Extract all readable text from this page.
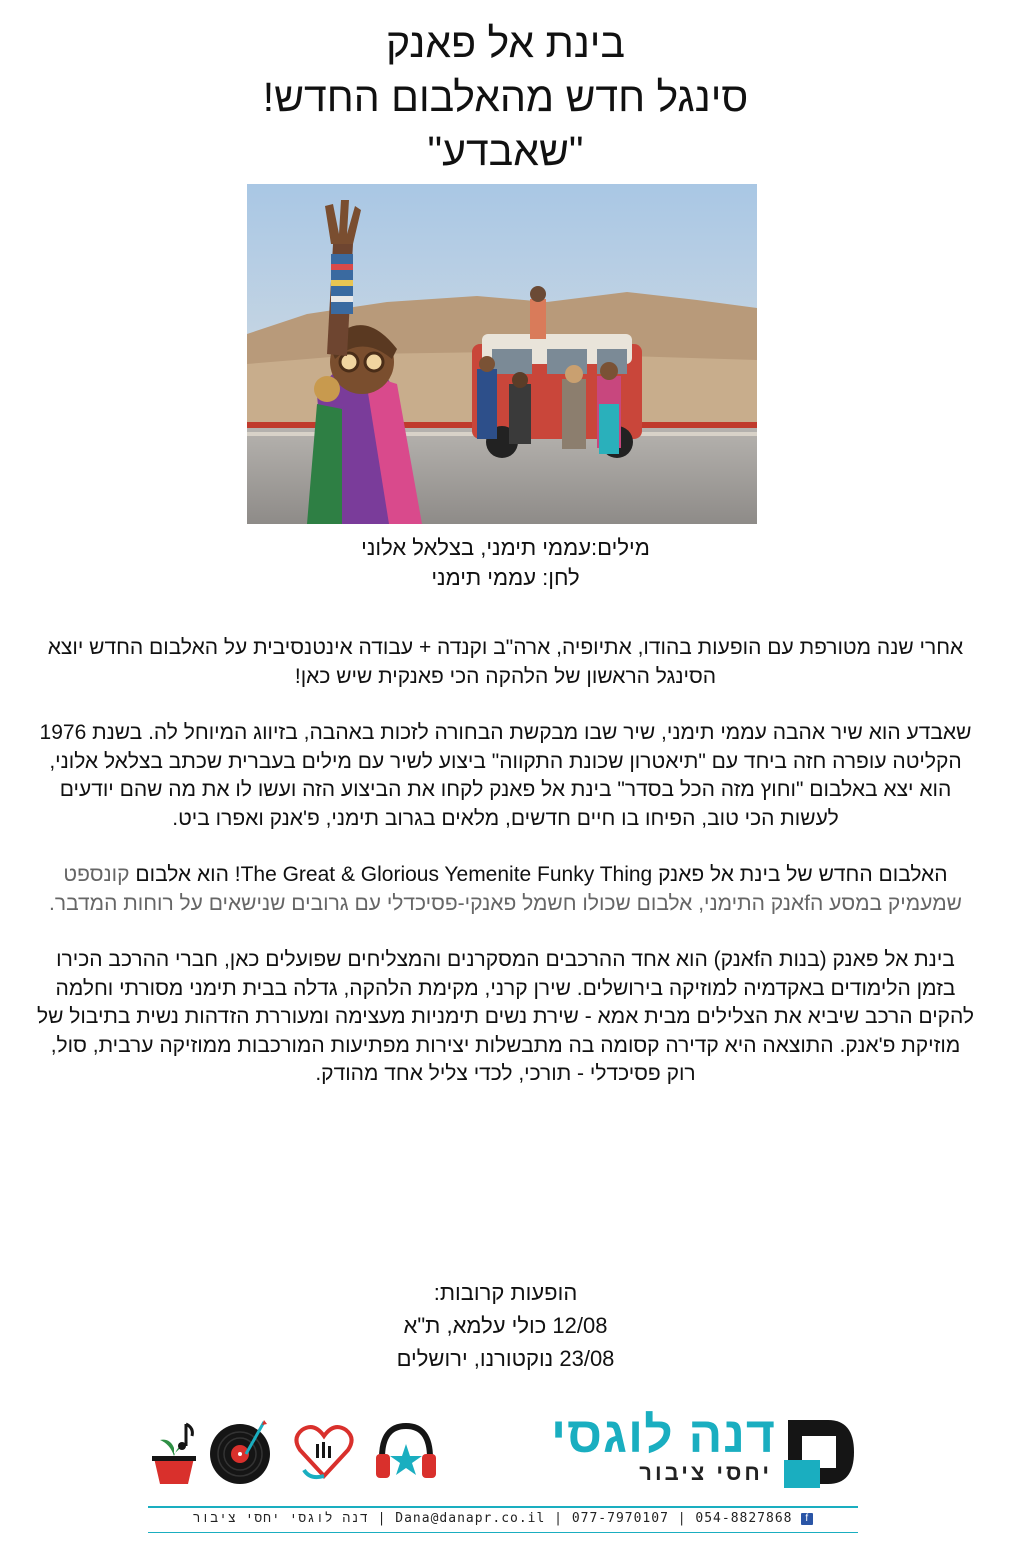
בינת אל פאנק
סינגל חדש מהאלבום החדש!
"שאבדע"
מילים:עממי תימני, בצלאל אלוני
לחן: עממי תימני

אחרי שנה מטורפת עם הופעות בהודו, אתיופיה, ארה"ב וקנדה + עבודה אינטנסיבית על האלבום החדש יוצא הסינגל הראשון של הלהקה הכי פאנקית שיש כאן!

שאבדע הוא שיר אהבה עממי תימני, שיר שבו מבקשת הבחורה לזכות באהבה, בזיווג המיוחל לה. בשנת 1976 הקליטה עופרה חזה ביחד עם "תיאטרון שכונת התקווה" ביצוע לשיר עם מילים בעברית שכתב בצלאל אלוני, הוא יצא באלבום "וחוץ מזה הכל בסדר" בינת אל פאנק לקחו את הביצוע הזה ועשו לו את מה שהם יודעים לעשות הכי טוב, הפיחו בו חיים חדשים, מלאים בגרוב תימני, פ'אנק ואפרו ביט.

האלבום החדש של בינת אל פאנק The Great & Glorious Yemenite Funky Thing! הוא אלבום קונספט שמעמיק במסע הfאנק התימני, אלבום שכולו חשמל פאנקי-פסיכדלי עם גרובים שנישאים על רוחות המדבר.

בינת אל פאנק (בנות הfאנק) הוא אחד ההרכבים המסקרנים והמצליחים שפועלים כאן, חברי ההרכב הכירו בזמן הלימודים באקדמיה למוזיקה בירושלים. שירן קרני, מקימת הלהקה, גדלה בבית תימני מסורתי וחלמה להקים הרכב שיביא את הצלילים מבית אמא - שירת נשים תימניות מעצימה ומעוררת הזדהות נשית בתיבול של מוזיקת פ'אנק. התוצאה היא קדירה קסומה בה מתבשלות יצירות מפתיעות המורכבות ממוזיקה ערבית, סול, רוק פסיכדלי - תורכי, לכדי צליל אחד מהודק.

הופעות קרובות:
12/08 כולי עלמא, ת"א
23/08 נוקטורנו, ירושלים
דנה לוגסי
יחסי ציבור
f Dana@danapr.co.il | 077-7970107 | 054-8827868 | דנה לוגסי יחסי ציבור
